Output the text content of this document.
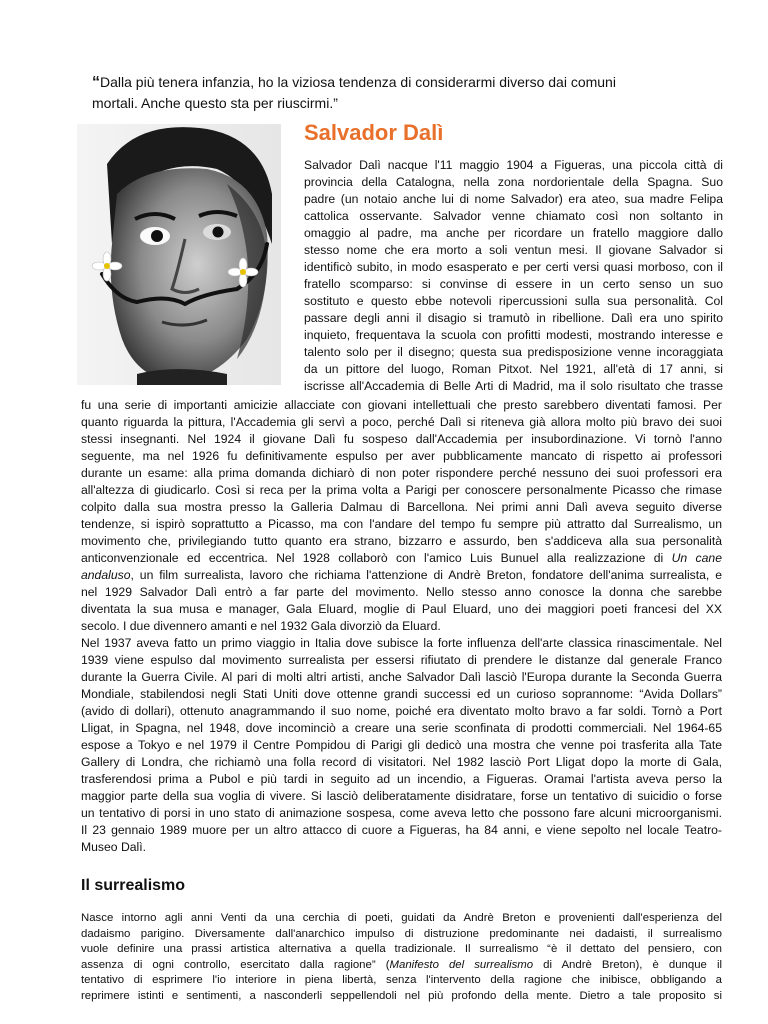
“Dalla più tenera infanzia, ho la viziosa tendenza di considerarmi diverso dai comuni
mortali. Anche questo sta per riuscirmi.”
Salvador Dalì
Salvador Dalì nacque l'11 maggio 1904 a Figueras, una piccola città di
provincia della Catalogna, nella zona nordorientale della Spagna. Suo
padre (un notaio anche lui di nome Salvador) era ateo, sua madre Felipa
cattolica osservante. Salvador venne chiamato così non soltanto in
omaggio al padre, ma anche per ricordare un fratello maggiore dallo
stesso nome che era morto a soli ventun mesi. Il giovane Salvador si
identificò subito, in modo esasperato e per certi versi quasi morboso, con il
fratello scomparso: si convinse di essere in un certo senso un suo
sostituto e questo ebbe notevoli ripercussioni sulla sua personalità. Col
passare degli anni il disagio si tramutò in ribellione. Dalì era uno spirito
inquieto, frequentava la scuola con profitti modesti, mostrando interesse e
talento solo per il disegno; questa sua predisposizione venne incoraggiata
da un pittore del luogo, Roman Pitxot. Nel 1921, all'età di 17 anni, si
iscrisse all'Accademia di Belle Arti di Madrid, ma il solo risultato che trasse
fu una serie di importanti amicizie allacciate con giovani intellettuali che presto sarebbero diventati famosi. Per
quanto riguarda la pittura, l'Accademia gli servì a poco, perché Dalì si riteneva già allora molto più bravo dei suoi
stessi insegnanti. Nel 1924 il giovane Dalì fu sospeso dall'Accademia per insubordinazione. Vi tornò l'anno
seguente, ma nel 1926 fu definitivamente espulso per aver pubblicamente mancato di rispetto ai professori
durante un esame: alla prima domanda dichiarò di non poter rispondere perché nessuno dei suoi professori era
all'altezza di giudicarlo. Così si reca per la prima volta a Parigi per conoscere personalmente Picasso che rimase
colpito dalla sua mostra presso la Galleria Dalmau di Barcellona. Nei primi anni Dalì aveva seguito diverse
tendenze, si ispirò soprattutto a Picasso, ma con l'andare del tempo fu sempre più attratto dal Surrealismo, un
movimento che, privilegiando tutto quanto era strano, bizzarro e assurdo, ben s'addiceva alla sua personalità
anticonvenzionale ed eccentrica. Nel 1928 collaborò con l'amico Luis Bunuel alla realizzazione di Un cane
andaluso, un film surrealista, lavoro che richiama l'attenzione di Andrè Breton, fondatore dell'anima surrealista, e
nel 1929 Salvador Dalì entrò a far parte del movimento. Nello stesso anno conosce la donna che sarebbe
diventata la sua musa e manager, Gala Eluard, moglie di Paul Eluard, uno dei maggiori poeti francesi del XX
secolo. I due divennero amanti e nel 1932 Gala divorziò da Eluard.
Nel 1937 aveva fatto un primo viaggio in Italia dove subisce la forte influenza dell'arte classica rinascimentale. Nel
1939 viene espulso dal movimento surrealista per essersi rifiutato di prendere le distanze dal generale Franco
durante la Guerra Civile. Al pari di molti altri artisti, anche Salvador Dalì lasciò l'Europa durante la Seconda Guerra
Mondiale, stabilendosi negli Stati Uniti dove ottenne grandi successi ed un curioso soprannome: “Avida Dollars”
(avido di dollari), ottenuto anagrammando il suo nome, poiché era diventato molto bravo a far soldi. Tornò a Port
Lligat, in Spagna, nel 1948, dove incominciò a creare una serie sconfinata di prodotti commerciali. Nel 1964-65
espose a Tokyo e nel 1979 il Centre Pompidou di Parigi gli dedicò una mostra che venne poi trasferita alla Tate
Gallery di Londra, che richiamò una folla record di visitatori. Nel 1982 lasciò Port Lligat dopo la morte di Gala,
trasferendosi prima a Pubol e più tardi in seguito ad un incendio, a Figueras. Oramai l'artista aveva perso la
maggior parte della sua voglia di vivere. Si lasciò deliberatamente disidratare, forse un tentativo di suicidio o forse
un tentativo di porsi in uno stato di animazione sospesa, come aveva letto che possono fare alcuni microorganismi.
Il 23 gennaio 1989 muore per un altro attacco di cuore a Figueras, ha 84 anni, e viene sepolto nel locale Teatro-
Museo Dalì.
Il surrealismo
Nasce intorno agli anni Venti da una cerchia di poeti, guidati da Andrè Breton e provenienti dall'esperienza del
dadaismo parigino. Diversamente dall'anarchico impulso di distruzione predominante nei dadaisti, il surrealismo
vuole definire una prassi artistica alternativa a quella tradizionale. Il surrealismo “è il dettato del pensiero, con
assenza di ogni controllo, esercitato dalla ragione” (Manifesto del surrealismo di Andrè Breton), è dunque il
tentativo di esprimere l'io interiore in piena libertà, senza l'intervento della ragione che inibisce, obbligando a
reprimere istinti e sentimenti, a nasconderli seppellendoli nel più profondo della mente. Dietro a tale proposito si
